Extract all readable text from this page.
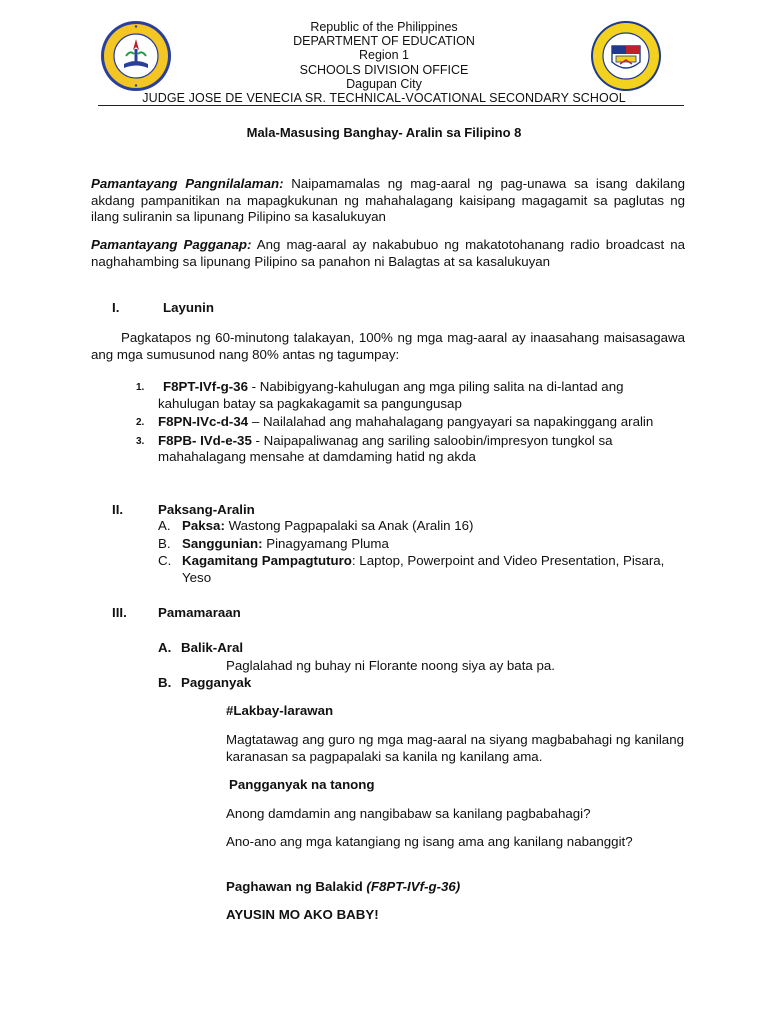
Republic of the Philippines
DEPARTMENT OF EDUCATION
Region 1
SCHOOLS DIVISION OFFICE
Dagupan City
JUDGE JOSE DE VENECIA SR. TECHNICAL-VOCATIONAL SECONDARY SCHOOL
Mala-Masusing Banghay- Aralin sa Filipino 8
Pamantayang Pangnilalaman: Naipamamalas ng mag-aaral ng pag-unawa sa isang dakilang akdang pampanitikan na mapagkukunan ng mahahalagang kaisipang magagamit sa paglutas ng ilang suliranin sa lipunang Pilipino sa kasalukuyan
Pamantayang Pagganap: Ang mag-aaral ay nakabubuo ng makatotohanang radio broadcast na naghahambing sa lipunang Pilipino sa panahon ni Balagtas at sa kasalukuyan
I.	Layunin
Pagkatapos ng 60-minutong talakayan, 100% ng mga mag-aaral ay inaasahang maisasagawa ang mga sumusunod nang 80% antas ng tagumpay:
1. F8PT-IVf-g-36 - Nabibigyang-kahulugan ang mga piling salita na di-lantad ang kahulugan batay sa pagkakagamit sa pangungusap
2. F8PN-IVc-d-34 – Nailalahad ang mahahalagang pangyayari sa napakinggang aralin
3. F8PB- IVd-e-35 - Naipapaliwanag ang sariling saloobin/impresyon tungkol sa mahahalagang mensahe at damdaming hatid ng akda
II.	Paksang-Aralin
A. Paksa: Wastong Pagpapalaki sa Anak (Aralin 16)
B. Sanggunian: Pinagyamang Pluma
C. Kagamitang Pampagtuturo: Laptop, Powerpoint and Video Presentation, Pisara, Yeso
III. Pamamaraan
A. Balik-Aral
Paglalahad ng buhay ni Florante noong siya ay bata pa.
B. Pagganyak
#Lakbay-larawan
Magtatawag ang guro ng mga mag-aaral na siyang magbabahagi ng kanilang karanasan sa pagpapalaki sa kanila ng kanilang ama.
Pangganyak na tanong
Anong damdamin ang nangibabaw sa kanilang pagbabahagi?
Ano-ano ang mga katangiang ng isang ama ang kanilang nabanggit?
Paghawan ng Balakid (F8PT-IVf-g-36)
AYUSIN MO AKO BABY!
